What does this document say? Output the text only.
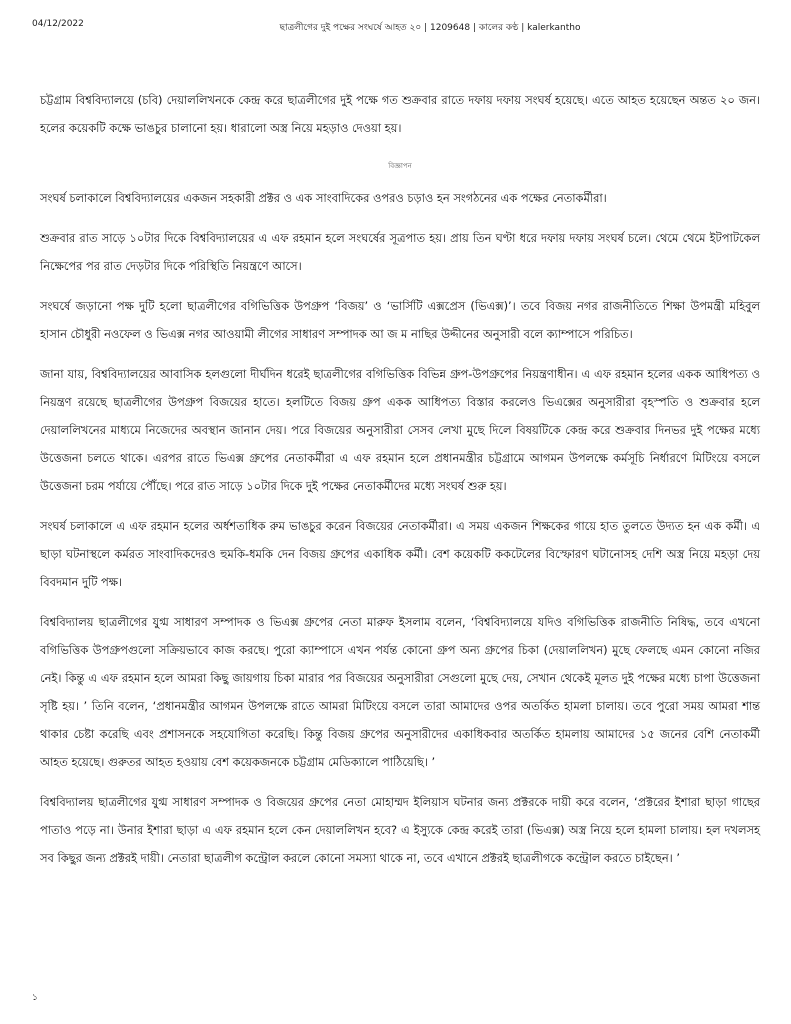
04/12/2022	ছাত্রলীগের দুই পক্ষের সংঘর্ষে আহত ২০ | 1209648 | কালের কণ্ঠ | kalerkantho

চট্টগ্রাম বিশ্ববিদ্যালয়ে (চবি) দেয়াললিখনকে কেন্দ্র করে ছাত্রলীগের দুই পক্ষে গত শুক্রবার রাতে দফায় দফায় সংঘর্ষ হয়েছে। এতে আহত হয়েছেন অন্তত ২০ জন। হলের কয়েকটি কক্ষে ভাঙচুর চালানো হয়। ধারালো অস্ত্র নিয়ে মহড়াও দেওয়া হয়।

বিজ্ঞাপন

সংঘর্ষ চলাকালে বিশ্ববিদ্যালয়ের একজন সহকারী প্রক্টর ও এক সাংবাদিকের ওপরও চড়াও হন সংগঠনের এক পক্ষের নেতাকর্মীরা।

শুক্রবার রাত সাড়ে ১০টার দিকে বিশ্ববিদ্যালয়ের এ এফ রহমান হলে সংঘর্ষের সূত্রপাত হয়। প্রায় তিন ঘণ্টা ধরে দফায় দফায় সংঘর্ষ চলে। থেমে থেমে ইটপাটকেল নিক্ষেপের পর রাত দেড়টার দিকে পরিস্থিতি নিয়ন্ত্রণে আসে।

সংঘর্ষে জড়ানো পক্ষ দুটি হলো ছাত্রলীগের বগিভিত্তিক উপগ্রুপ ‘বিজয়’ ও ‘ভার্সিটি এক্সপ্রেস (ভিএক্স)’। তবে বিজয় নগর রাজনীতিতে শিক্ষা উপমন্ত্রী মহিবুল হাসান চৌধুরী নওফেল ও ভিএক্স নগর আওয়ামী লীগের সাধারণ সম্পাদক আ জ ম নাছির উদ্দীনের অনুসারী বলে ক্যাম্পাসে পরিচিত।

জানা যায়, বিশ্ববিদ্যালয়ের আবাসিক হলগুলো দীর্ঘদিন ধরেই ছাত্রলীগের বগিভিত্তিক বিভিন্ন গ্রুপ-উপগ্রুপের নিয়ন্ত্রণাধীন। এ এফ রহমান হলের একক আধিপত্য ও নিয়ন্ত্রণ রয়েছে ছাত্রলীগের উপগ্রুপ বিজয়ের হাতে। হলটিতে বিজয় গ্রুপ একক আধিপত্য বিস্তার করলেও ভিএক্সের অনুসারীরা বৃহস্পতি ও শুক্রবার হলে দেয়াললিখনের মাধ্যমে নিজেদের অবস্থান জানান দেয়। পরে বিজয়ের অনুসারীরা সেসব লেখা মুছে দিলে বিষয়টিকে কেন্দ্র করে শুক্রবার দিনভর দুই পক্ষের মধ্যে উত্তেজনা চলতে থাকে। এরপর রাতে ভিএক্স গ্রুপের নেতাকর্মীরা এ এফ রহমান হলে প্রধানমন্ত্রীর চট্টগ্রামে আগমন উপলক্ষে কর্মসূচি নির্ধারণে মিটিংয়ে বসলে উত্তেজনা চরম পর্যায়ে পৌঁছে। পরে রাত সাড়ে ১০টার দিকে দুই পক্ষের নেতাকর্মীদের মধ্যে সংঘর্ষ শুরু হয়।

সংঘর্ষ চলাকালে এ এফ রহমান হলের অর্ধশতাধিক রুম ভাঙচুর করেন বিজয়ের নেতাকর্মীরা। এ সময় একজন শিক্ষকের গায়ে হাত তুলতে উদ্যত হন এক কর্মী। এ ছাড়া ঘটনাস্থলে কর্মরত সাংবাদিকদেরও হুমকি-ধমকি দেন বিজয় গ্রুপের একাধিক কর্মী। বেশ কয়েকটি ককটেলের বিস্ফোরণ ঘটানোসহ দেশি অস্ত্র নিয়ে মহড়া দেয় বিবদমান দুটি পক্ষ।

বিশ্ববিদ্যালয় ছাত্রলীগের যুগ্ম সাধারণ সম্পাদক ও ভিএক্স গ্রুপের নেতা মারুফ ইসলাম বলেন, ‘বিশ্ববিদ্যালয়ে যদিও বগিভিত্তিক রাজনীতি নিষিদ্ধ, তবে এখনো বগিভিত্তিক উপগ্রুপগুলো সক্রিয়ভাবে কাজ করছে। পুরো ক্যাম্পাসে এখন পর্যন্ত কোনো গ্রুপ অন্য গ্রুপের চিকা (দেয়াললিখন) মুছে ফেলছে এমন কোনো নজির নেই। কিন্তু এ এফ রহমান হলে আমরা কিছু জায়গায় চিকা মারার পর বিজয়ের অনুসারীরা সেগুলো মুছে দেয়, সেখান থেকেই মূলত দুই পক্ষের মধ্যে চাপা উত্তেজনা সৃষ্টি হয়। ’ তিনি বলেন, ‘প্রধানমন্ত্রীর আগমন উপলক্ষে রাতে আমরা মিটিংয়ে বসলে তারা আমাদের ওপর অতর্কিত হামলা চালায়। তবে পুরো সময় আমরা শান্ত থাকার চেষ্টা করেছি এবং প্রশাসনকে সহযোগিতা করেছি। কিন্তু বিজয় গ্রুপের অনুসারীদের একাধিকবার অতর্কিত হামলায় আমাদের ১৫ জনের বেশি নেতাকর্মী আহত হয়েছে। গুরুতর আহত হওয়ায় বেশ কয়েকজনকে চট্টগ্রাম মেডিক্যালে পাঠিয়েছি। ’

বিশ্ববিদ্যালয় ছাত্রলীগের যুগ্ম সাধারণ সম্পাদক ও বিজয়ের গ্রুপের নেতা মোহাম্মদ ইলিয়াস ঘটনার জন্য প্রক্টরকে দায়ী করে বলেন, ‘প্রক্টরের ইশারা ছাড়া গাছের পাতাও পড়ে না। উনার ইশারা ছাড়া এ এফ রহমান হলে কেন দেয়াললিখন হবে? এ ইস্যুকে কেন্দ্র করেই তারা (ভিএক্স) অস্ত্র নিয়ে হলে হামলা চালায়। হল দখলসহ সব কিছুর জন্য প্রক্টরই দায়ী। নেতারা ছাত্রলীগ কন্ট্রোল করলে কোনো সমস্যা থাকে না, তবে এখানে প্রক্টরই ছাত্রলীগকে কন্ট্রোল করতে চাইছেন। ’

১
